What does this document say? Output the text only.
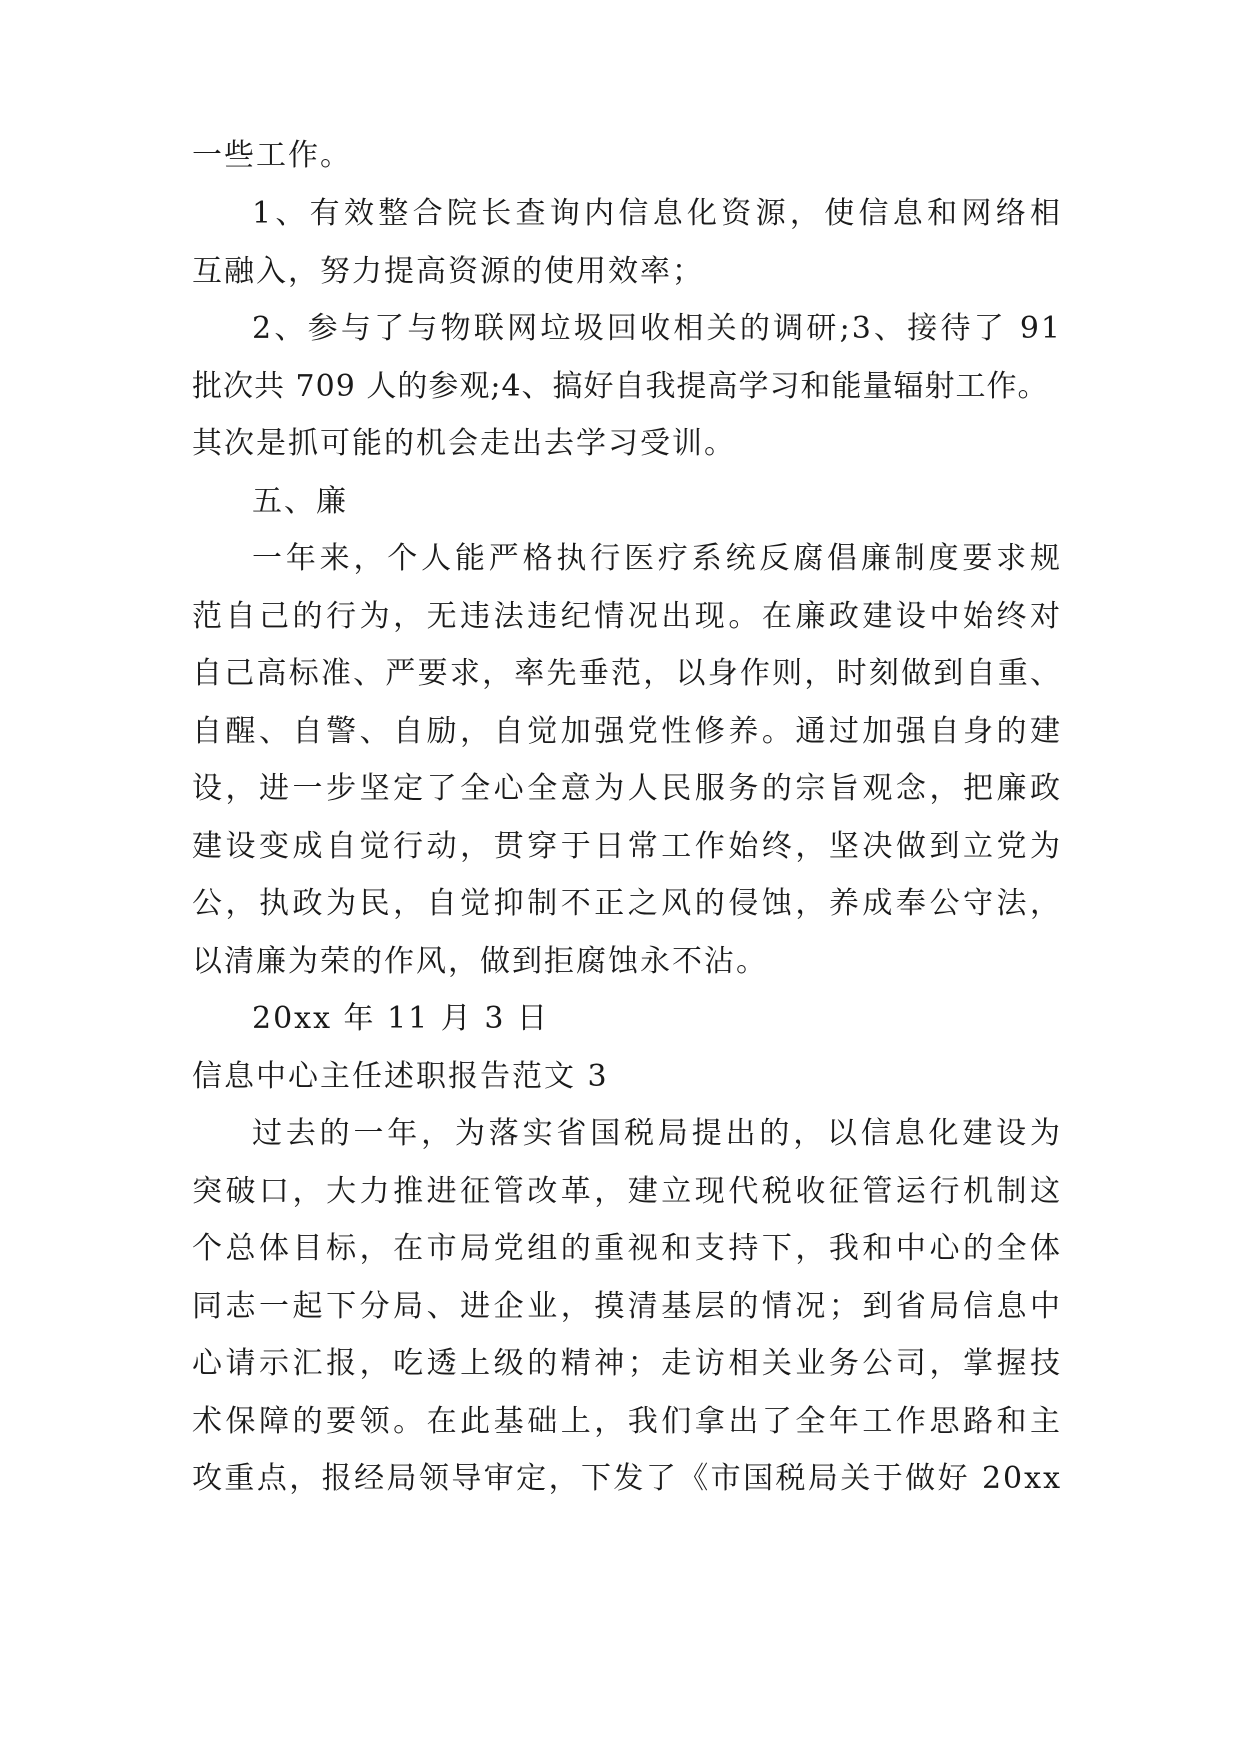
一些工作。
1、有效整合院长查询内信息化资源，使信息和网络相
互融入，努力提高资源的使用效率；
2、参与了与物联网垃圾回收相关的调研;3、接待了 91
批次共 709 人的参观;4、搞好自我提高学习和能量辐射工作。
其次是抓可能的机会走出去学习受训。
五、廉
一年来，个人能严格执行医疗系统反腐倡廉制度要求规
范自己的行为，无违法违纪情况出现。在廉政建设中始终对
自己高标准、严要求，率先垂范，以身作则，时刻做到自重、
自醒、自警、自励，自觉加强党性修养。通过加强自身的建
设，进一步坚定了全心全意为人民服务的宗旨观念，把廉政
建设变成自觉行动，贯穿于日常工作始终，坚决做到立党为
公，执政为民，自觉抑制不正之风的侵蚀，养成奉公守法，
以清廉为荣的作风，做到拒腐蚀永不沾。
20xx 年 11 月 3 日
信息中心主任述职报告范文 3
过去的一年，为落实省国税局提出的，以信息化建设为
突破口，大力推进征管改革，建立现代税收征管运行机制这
个总体目标，在市局党组的重视和支持下，我和中心的全体
同志一起下分局、进企业，摸清基层的情况；到省局信息中
心请示汇报，吃透上级的精神；走访相关业务公司，掌握技
术保障的要领。在此基础上，我们拿出了全年工作思路和主
攻重点，报经局领导审定，下发了《市国税局关于做好 20xx
